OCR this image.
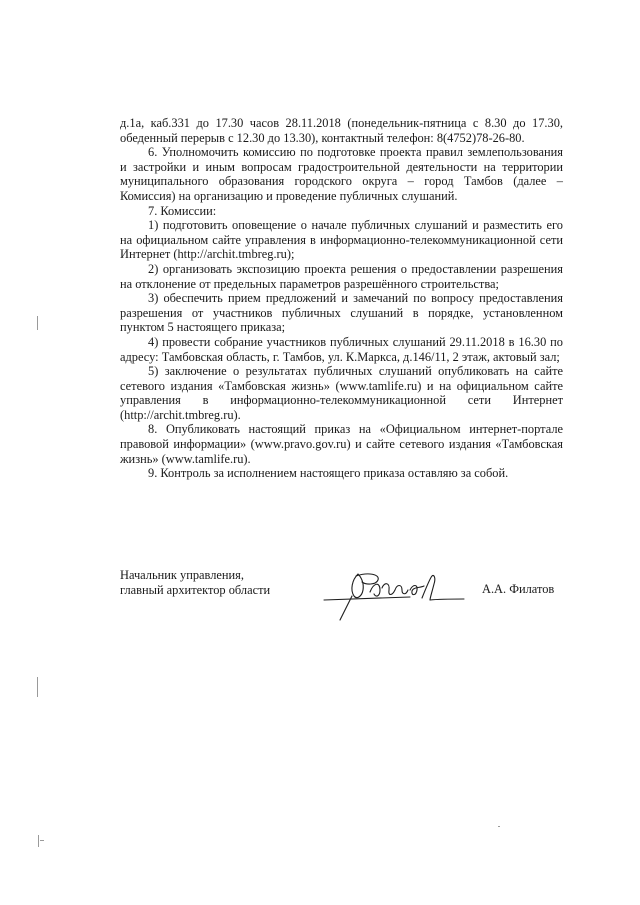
д.1а, каб.331 до 17.30 часов 28.11.2018 (понедельник-пятница с 8.30 до 17.30, обеденный перерыв с 12.30 до 13.30), контактный телефон: 8(4752)78-26-80.

6. Уполномочить комиссию по подготовке проекта правил землепользования и застройки и иным вопросам градостроительной деятельности на территории муниципального образования городского округа – город Тамбов (далее – Комиссия) на организацию и проведение публичных слушаний.

7. Комиссии:

1) подготовить оповещение о начале публичных слушаний и разместить его на официальном сайте управления в информационно-телекоммуникационной сети Интернет (http://archit.tmbreg.ru);

2) организовать экспозицию проекта решения о предоставлении разрешения на отклонение от предельных параметров разрешённого строительства;

3) обеспечить прием предложений и замечаний по вопросу предоставления разрешения от участников публичных слушаний в порядке, установленном пунктом 5 настоящего приказа;

4) провести собрание участников публичных слушаний 29.11.2018 в 16.30 по адресу: Тамбовская область, г. Тамбов, ул. К.Маркса, д.146/11, 2 этаж, актовый зал;

5) заключение о результатах публичных слушаний опубликовать на сайте сетевого издания «Тамбовская жизнь» (www.tamlife.ru) и на официальном сайте управления в информационно-телекоммуникационной сети Интернет (http://archit.tmbreg.ru).

8. Опубликовать настоящий приказ на «Официальном интернет-портале правовой информации» (www.pravo.gov.ru) и сайте сетевого издания «Тамбовская жизнь» (www.tamlife.ru).

9. Контроль за исполнением настоящего приказа оставляю за собой.

Начальник управления,
главный архитектор области	А.А. Филатов
